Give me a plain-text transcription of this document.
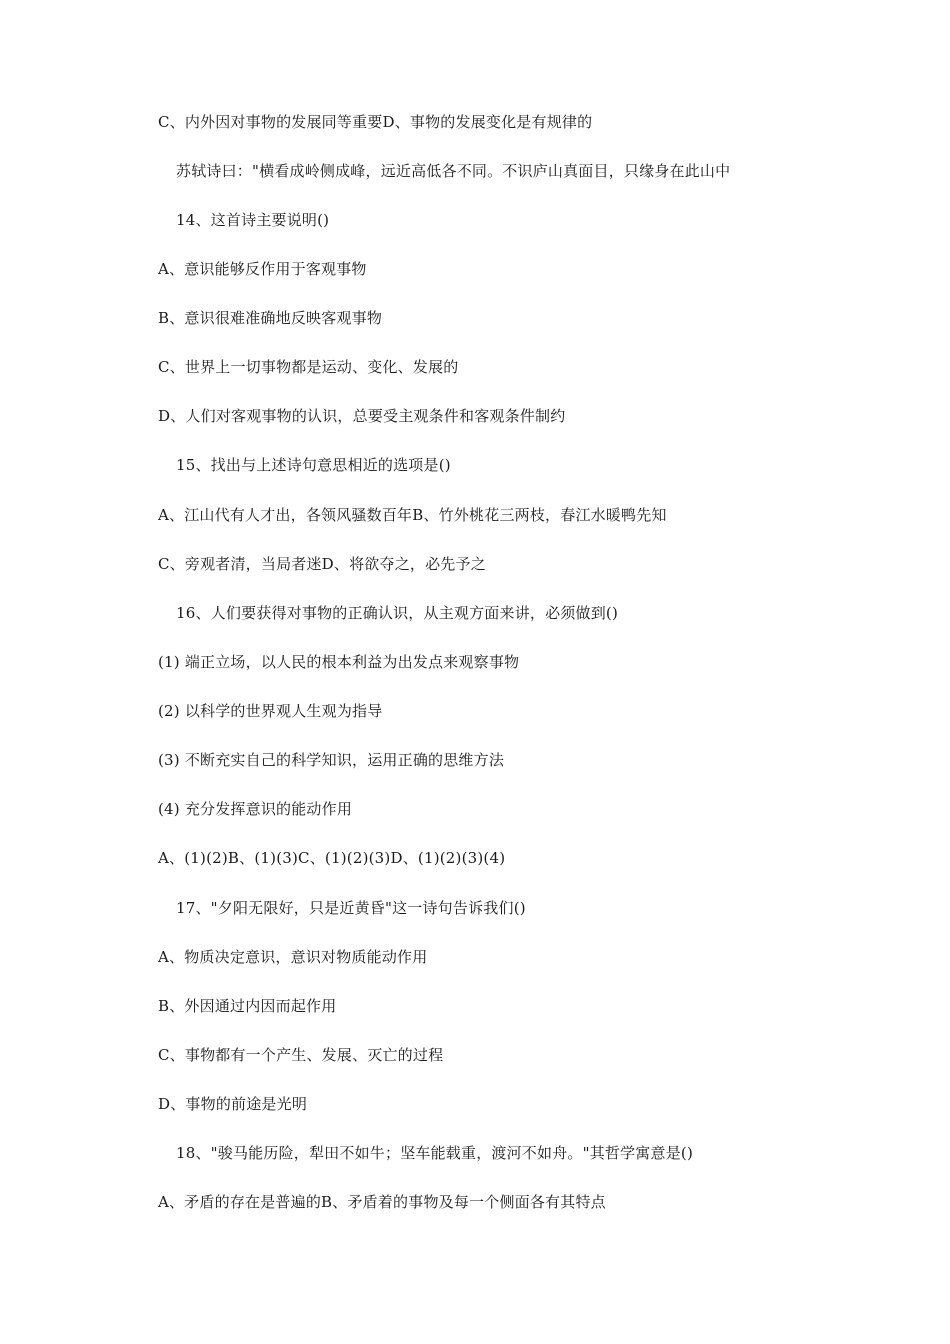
C、内外因对事物的发展同等重要D、事物的发展变化是有规律的
苏轼诗曰："横看成岭侧成峰，远近高低各不同。不识庐山真面目，只缘身在此山中
14、这首诗主要说明()
A、意识能够反作用于客观事物
B、意识很难准确地反映客观事物
C、世界上一切事物都是运动、变化、发展的
D、人们对客观事物的认识，总要受主观条件和客观条件制约
15、找出与上述诗句意思相近的选项是()
A、江山代有人才出，各领风骚数百年B、竹外桃花三两枝，春江水暖鸭先知
C、旁观者清，当局者迷D、将欲夺之，必先予之
16、人们要获得对事物的正确认识，从主观方面来讲，必须做到()
(1) 端正立场，以人民的根本利益为出发点来观察事物
(2) 以科学的世界观人生观为指导
(3) 不断充实自己的科学知识，运用正确的思维方法
(4) 充分发挥意识的能动作用
A、(1)(2)B、(1)(3)C、(1)(2)(3)D、(1)(2)(3)(4)
17、"夕阳无限好，只是近黄昏"这一诗句告诉我们()
A、物质决定意识，意识对物质能动作用
B、外因通过内因而起作用
C、事物都有一个产生、发展、灭亡的过程
D、事物的前途是光明
18、"骏马能历险，犁田不如牛；坚车能载重，渡河不如舟。"其哲学寓意是()
A、矛盾的存在是普遍的B、矛盾着的事物及每一个侧面各有其特点
